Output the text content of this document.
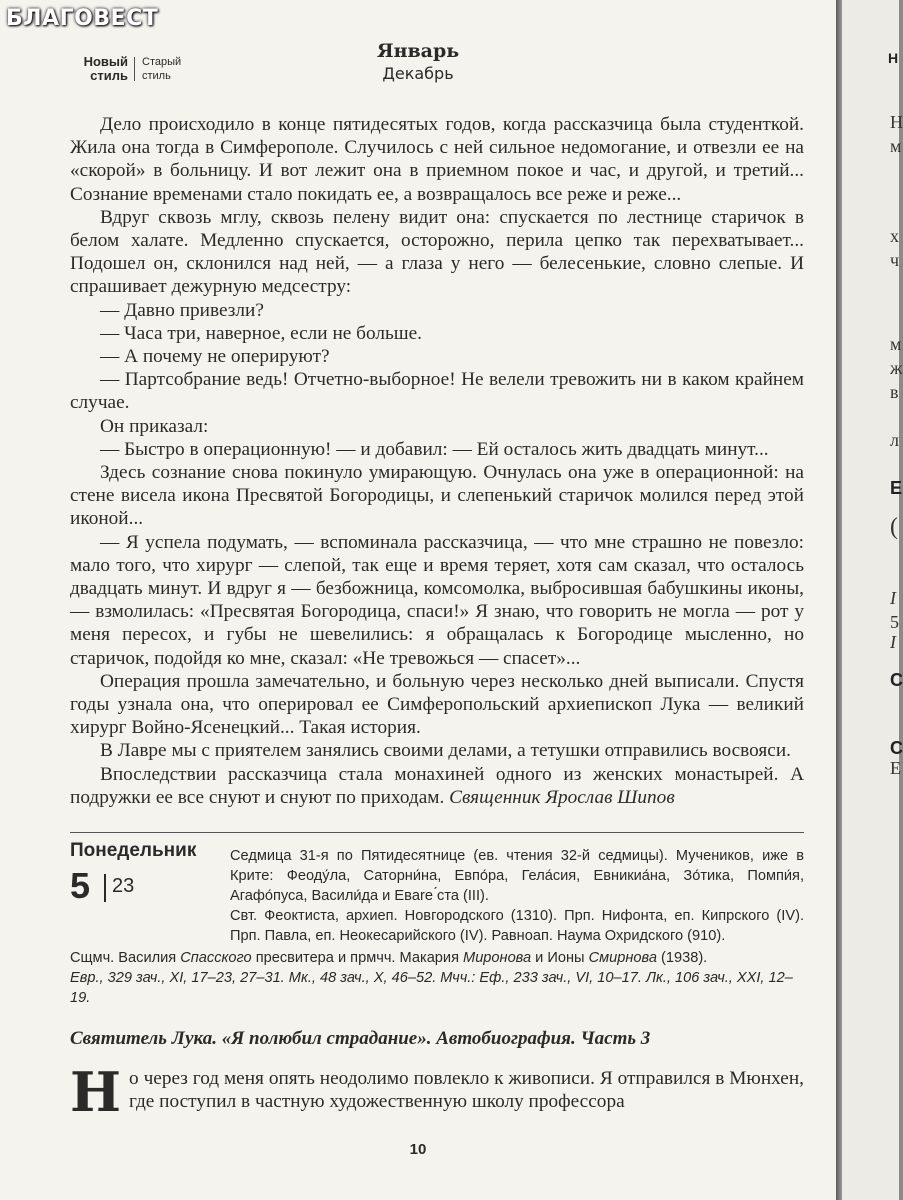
БЛАГОВЕСТ
Новый стиль
Старый стиль
Январь
Декабрь

Дело происходило в конце пятидесятых годов, когда рассказчица была студенткой. Жила она тогда в Симферополе. Случилось с ней сильное недомогание, и отвезли ее на «скорой» в больницу. И вот лежит она в приемном покое и час, и другой, и третий... Сознание временами стало покидать ее, а возвращалось все реже и реже...

Вдруг сквозь мглу, сквозь пелену видит она: спускается по лестнице старичок в белом халате. Медленно спускается, осторожно, перила цепко так перехватывает... Подошел он, склонился над ней, — а глаза у него — белесенькие, словно слепые. И спрашивает дежурную медсестру:

— Давно привезли?

— Часа три, наверное, если не больше.

— А почему не оперируют?

— Партсобрание ведь! Отчетно-выборное! Не велели тревожить ни в каком крайнем случае.

Он приказал:

— Быстро в операционную! — и добавил: — Ей осталось жить двадцать минут...

Здесь сознание снова покинуло умирающую. Очнулась она уже в операционной: на стене висела икона Пресвятой Богородицы, и слепенький старичок молился перед этой иконой...

— Я успела подумать, — вспоминала рассказчица, — что мне страшно не повезло: мало того, что хирург — слепой, так еще и время теряет, хотя сам сказал, что осталось двадцать минут. И вдруг я — безбожница, комсомолка, выбросившая бабушкины иконы, — взмолилась: «Пресвятая Богородица, спаси!» Я знаю, что говорить не могла — рот у меня пересох, и губы не шевелились: я обращалась к Богородице мысленно, но старичок, подойдя ко мне, сказал: «Не тревожься — спасет»...

Операция прошла замечательно, и больную через несколько дней выписали. Спустя годы узнала она, что оперировал ее Симферопольский архиепископ Лука — великий хирург Войно-Ясенецкий... Такая история.

В Лавре мы с приятелем занялись своими делами, а тетушки отправились восвояси.

Впоследствии рассказчица стала монахиней одного из женских монастырей. А подружки ее все снуют и снуют по приходам. Священник Ярослав Шипов

Понедельник
5 23

Седмица 31-я по Пятидесятнице (ев. чтения 32-й седмицы). Мучеников, иже в Крите: Феоду́ла, Саторни́на, Евпо́ра, Гела́сия, Евникиа́на, Зо́тика, Помпи́я, Агафо́пуса, Васили́да и Евare ́ста (III).

Свт. Феоктиста, архиеп. Новгородского (1310). Прп. Нифонта, еп. Кипрского (IV). Прп. Павла, еп. Неокесарийского (IV). Равноап. Наума Охридского (910).

Сщмч. Василия Спасского пресвитера и прмчч. Макария Миронова и Ионы Смирнова (1938).

Евр., 329 зач., XI, 17–23, 27–31. Мк., 48 зач., X, 46–52. Мчч.: Еф., 233 зач., VI, 10–17. Лк., 106 зач., XXI, 12–19.

Святитель Лука. «Я полюбил страдание». Автобиография. Часть 3
Но через год меня опять неодолимо повлекло к живописи. Я отправился в Мюнхен, где поступил в частную художественную школу профессора
10
Н
Н
м
х
ч
м
ж
в
л
Е
(
I
5
I
С
С
Е
